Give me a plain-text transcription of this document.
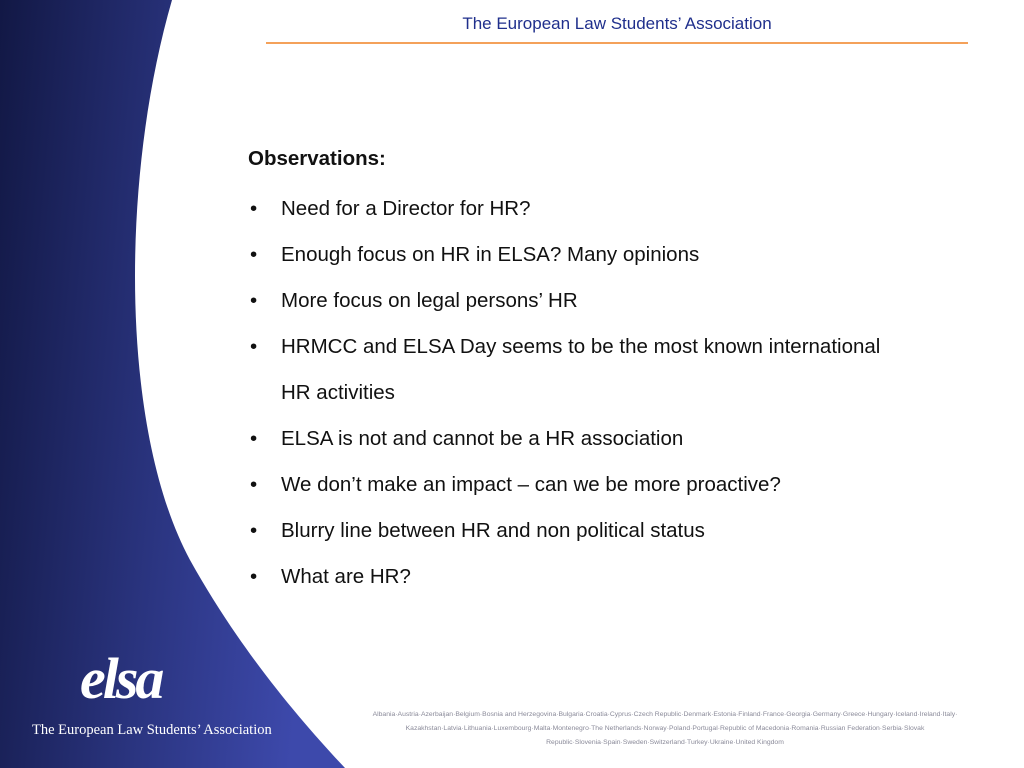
The European Law Students’ Association
Observations:
• Need for a Director for HR?
• Enough focus on HR in ELSA? Many opinions
• More focus on legal persons’ HR
• HRMCC and ELSA Day seems to be the most known international HR activities
• ELSA is not and cannot be a HR association
• We don’t make an impact – can we be more proactive?
• Blurry line between HR and non political status
• What are HR?
elsa
The European Law Students’ Association
Albania·Austria·Azerbaijan·Belgium·Bosnia and Herzegovina·Bulgaria·Croatia·Cyprus·Czech Republic·Denmark·Estonia·Finland·France·Georgia·Germany·Greece·Hungary·Iceland·Ireland·Italy·
Kazakhstan·Latvia·Lithuania·Luxembourg·Malta·Montenegro·The Netherlands·Norway·Poland·Portugal·Republic of Macedonia·Romania·Russian Federation·Serbia·Slovak
Republic·Slovenia·Spain·Sweden·Switzerland·Turkey·Ukraine·United Kingdom
